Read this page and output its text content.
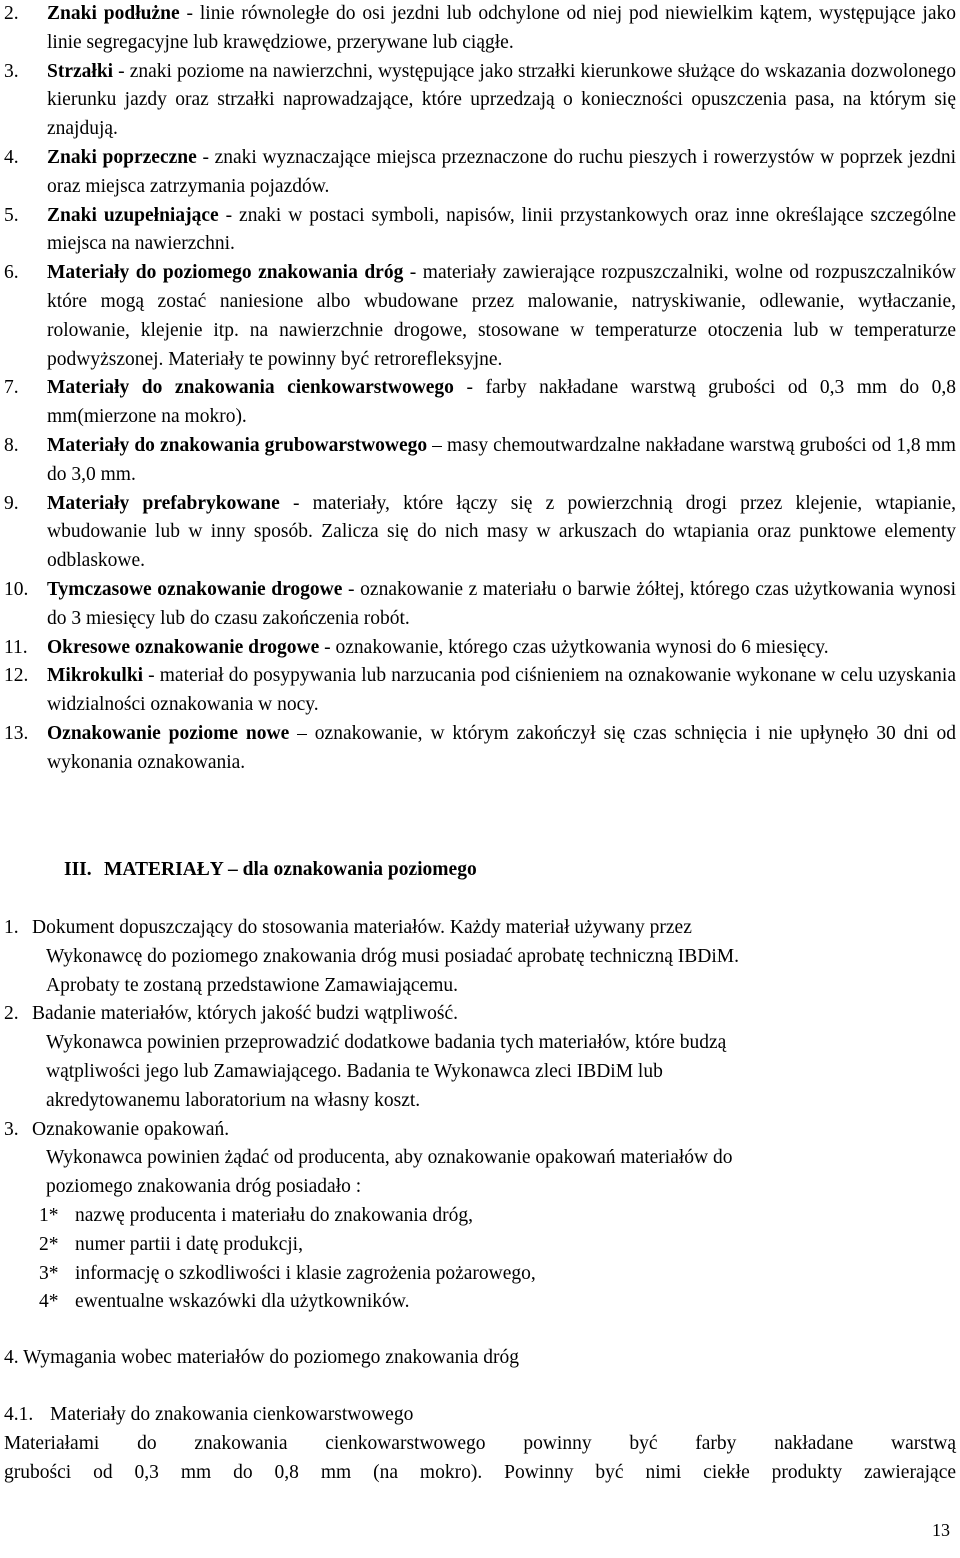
2. Znaki podłużne - linie równoległe do osi jezdni lub odchylone od niej pod niewielkim kątem, występujące jako linie segregacyjne lub krawędziowe, przerywane lub ciągłe.
3. Strzałki - znaki poziome na nawierzchni, występujące jako strzałki kierunkowe służące do wskazania dozwolonego kierunku jazdy oraz strzałki naprowadzające, które uprzedzają o konieczności opuszczenia pasa, na którym się znajdują.
4. Znaki poprzeczne - znaki wyznaczające miejsca przeznaczone do ruchu pieszych i rowerzystów w poprzek jezdni oraz miejsca zatrzymania pojazdów.
5. Znaki uzupełniające - znaki w postaci symboli, napisów, linii przystankowych oraz inne określające szczególne miejsca na nawierzchni.
6. Materiały do poziomego znakowania dróg - materiały zawierające rozpuszczalniki, wolne od rozpuszczalników które mogą zostać naniesione albo wbudowane przez malowanie, natryskiwanie, odlewanie, wytłaczanie, rolowanie, klejenie itp. na nawierzchnie drogowe, stosowane w temperaturze otoczenia lub w temperaturze podwyższonej. Materiały te powinny być retrorefleksyjne.
7. Materiały do znakowania cienkowarstwowego - farby nakładane warstwą grubości od 0,3 mm do 0,8 mm(mierzone na mokro).
8. Materiały do znakowania grubowarstwowego – masy chemoutwardzalne nakładane warstwą grubości od 1,8 mm do 3,0 mm.
9. Materiały prefabrykowane - materiały, które łączy się z powierzchnią drogi przez klejenie, wtapianie, wbudowanie lub w inny sposób. Zalicza się do nich masy w arkuszach do wtapiania oraz punktowe elementy odblaskowe.
10. Tymczasowe oznakowanie drogowe - oznakowanie z materiału o barwie żółtej, którego czas użytkowania wynosi do 3 miesięcy lub do czasu zakończenia robót.
11. Okresowe oznakowanie drogowe - oznakowanie, którego czas użytkowania wynosi do 6 miesięcy.
12. Mikrokulki - materiał do posypywania lub narzucania pod ciśnieniem na oznakowanie wykonane w celu uzyskania widzialności oznakowania w nocy.
13. Oznakowanie poziome nowe – oznakowanie, w którym zakończył się czas schnięcia i nie upłynęło 30 dni od wykonania oznakowania.
III. MATERIAŁY – dla oznakowania poziomego
1. Dokument dopuszczający do stosowania materiałów. Każdy materiał używany przez
Wykonawcę do poziomego znakowania dróg musi posiadać aprobatę techniczną IBDiM.
Aprobaty te zostaną przedstawione Zamawiającemu.
2. Badanie materiałów, których jakość budzi wątpliwość.
Wykonawca powinien przeprowadzić dodatkowe badania tych materiałów, które budzą
wątpliwości jego lub Zamawiającego. Badania te Wykonawca zleci IBDiM lub
akredytowanemu laboratorium na własny koszt.
3. Oznakowanie opakowań.
Wykonawca powinien żądać od producenta, aby oznakowanie opakowań materiałów do
poziomego znakowania dróg posiadało :
1* nazwę producenta i materiału do znakowania dróg,
2* numer partii i datę produkcji,
3* informację o szkodliwości i klasie zagrożenia pożarowego,
4* ewentualne wskazówki dla użytkowników.
4. Wymagania wobec materiałów do poziomego znakowania dróg
4.1. Materiały do znakowania cienkowarstwowego
Materiałami do znakowania cienkowarstwowego powinny być farby nakładane warstwą
grubości od 0,3 mm do 0,8 mm (na mokro). Powinny być nimi ciekłe produkty zawierające
13
